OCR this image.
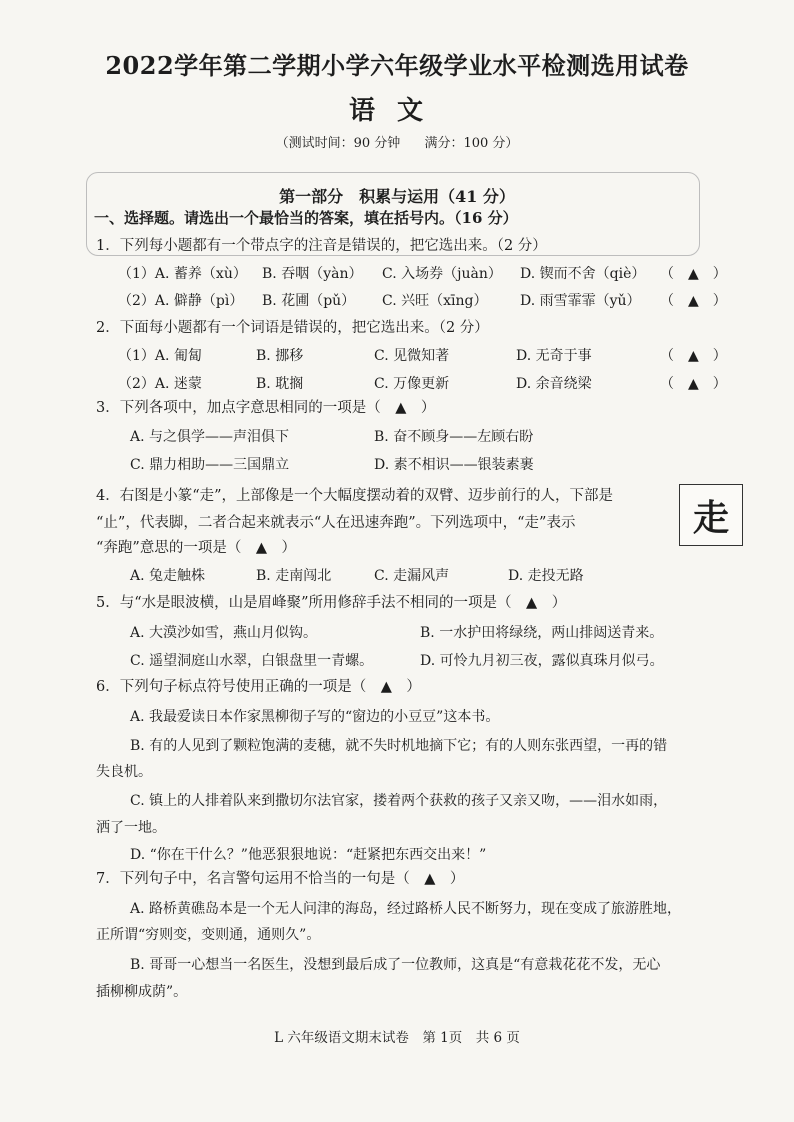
2022学年第二学期小学六年级学业水平检测选用试卷
语文
（测试时间：90 分钟 满分：100 分）
第一部分　积累与运用（41 分）
一、选择题。请选出一个最恰当的答案，填在括号内。（16 分）
1．下列每小题都有一个带点字的注音是错误的，把它选出来。（2 分）
（1）A. 蓄养（xù） B. 吞咽（yàn） C. 入场券（juàn） D. 锲而不舍（qiè） （　▲　）
（2）A. 僻静（pì） B. 花圃（pǔ） C. 兴旺（xīng） D. 雨雪霏霏（yǔ） （　▲　）
2．下面每小题都有一个词语是错误的，把它选出来。（2 分）
（1）A. 匍匐	B. 挪移	C. 见微知著	D. 无奇于事	（　▲　）
（2）A. 迷蒙	B. 耽搁	C. 万像更新	D. 余音绕梁	（　▲　）
3．下列各项中，加点字意思相同的一项是（　▲　）
A. 与之俱学——声泪俱下	B. 奋不顾身——左顾右盼
C. 鼎力相助——三国鼎立	D. 素不相识——银装素裹
4．右图是小篆“走”，上部像是一个大幅度摆动着的双臂、迈步前行的人，下部是
“止”，代表脚，二者合起来就表示“人在迅速奔跑”。下列选项中，“走”表示
“奔跑”意思的一项是（　▲　）
走
A. 兔走触株	B. 走南闯北	C. 走漏风声	D. 走投无路
5．与“水是眼波横，山是眉峰聚”所用修辞手法不相同的一项是（　▲　）
A. 大漠沙如雪，燕山月似钩。	B. 一水护田将绿绕，两山排闼送青来。
C. 遥望洞庭山水翠，白银盘里一青螺。	D. 可怜九月初三夜，露似真珠月似弓。
6．下列句子标点符号使用正确的一项是（　▲　）
A. 我最爱读日本作家黑柳彻子写的“窗边的小豆豆”这本书。
B. 有的人见到了颗粒饱满的麦穗，就不失时机地摘下它；有的人则东张西望，一再的错
失良机。
C. 镇上的人排着队来到撒切尔法官家，搂着两个获救的孩子又亲又吻，——泪水如雨，
洒了一地。
D. “你在干什么？”他恶狠狠地说：“赶紧把东西交出来！”
7．下列句子中，名言警句运用不恰当的一句是（　▲　）
A. 路桥黄礁岛本是一个无人问津的海岛，经过路桥人民不断努力，现在变成了旅游胜地，
正所谓“穷则变，变则通，通则久”。
B. 哥哥一心想当一名医生，没想到最后成了一位教师，这真是“有意栽花花不发，无心
插柳柳成荫”。
L 六年级语文期末试卷　第 1页　共 6 页
